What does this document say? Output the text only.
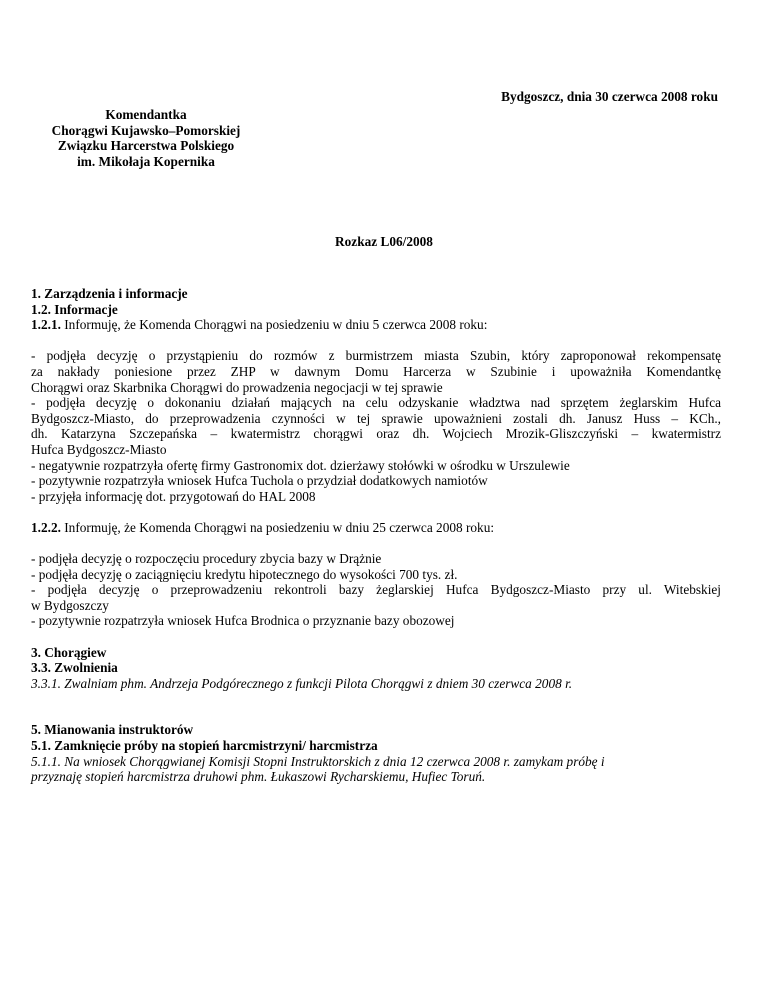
Bydgoszcz, dnia 30 czerwca 2008 roku
Komendantka
Chorągwi Kujawsko–Pomorskiej
Związku Harcerstwa Polskiego
im. Mikołaja Kopernika
Rozkaz L06/2008
1. Zarządzenia i informacje
1.2. Informacje
1.2.1. Informuję, że Komenda Chorągwi na posiedzeniu w dniu 5 czerwca 2008 roku:
- podjęła decyzję o przystąpieniu do rozmów z burmistrzem miasta Szubin, który zaproponował rekompensatę
za nakłady poniesione przez ZHP w dawnym Domu Harcerza w Szubinie i upoważniła Komendantkę
Chorągwi oraz Skarbnika Chorągwi do prowadzenia negocjacji w tej sprawie
- podjęła decyzję o dokonaniu działań mających na celu odzyskanie władztwa nad sprzętem żeglarskim Hufca
Bydgoszcz-Miasto, do przeprowadzenia czynności w tej sprawie upoważnieni zostali dh. Janusz Huss – KCh.,
dh. Katarzyna Szczepańska – kwatermistrz chorągwi oraz dh. Wojciech Mrozik-Gliszczyński – kwatermistrz
Hufca Bydgoszcz-Miasto
- negatywnie rozpatrzyła ofertę firmy Gastronomix dot. dzierżawy stołówki w ośrodku w Urszulewie
- pozytywnie rozpatrzyła wniosek Hufca Tuchola o przydział dodatkowych namiotów
- przyjęła informację dot. przygotowań do HAL 2008
1.2.2. Informuję, że Komenda Chorągwi na posiedzeniu w dniu 25 czerwca 2008 roku:
- podjęła decyzję o rozpoczęciu procedury zbycia bazy w Drążnie
- podjęła decyzję o zaciągnięciu kredytu hipotecznego do wysokości 700 tys. zł.
- podjęła decyzję o przeprowadzeniu rekontroli bazy żeglarskiej Hufca Bydgoszcz-Miasto przy ul. Witebskiej
w Bydgoszczy
- pozytywnie rozpatrzyła wniosek Hufca Brodnica o przyznanie bazy obozowej
3. Chorągiew
3.3. Zwolnienia
3.3.1. Zwalniam phm. Andrzeja Podgórecznego z funkcji Pilota Chorągwi z dniem 30 czerwca 2008 r.
5. Mianowania instruktorów
5.1. Zamknięcie próby na stopień harcmistrzyni/ harcmistrza
5.1.1. Na wniosek Chorągwianej Komisji Stopni Instruktorskich z dnia 12 czerwca 2008 r. zamykam próbę i
przyznaję stopień harcmistrza druhowi phm. Łukaszowi Rycharskiemu, Hufiec Toruń.
